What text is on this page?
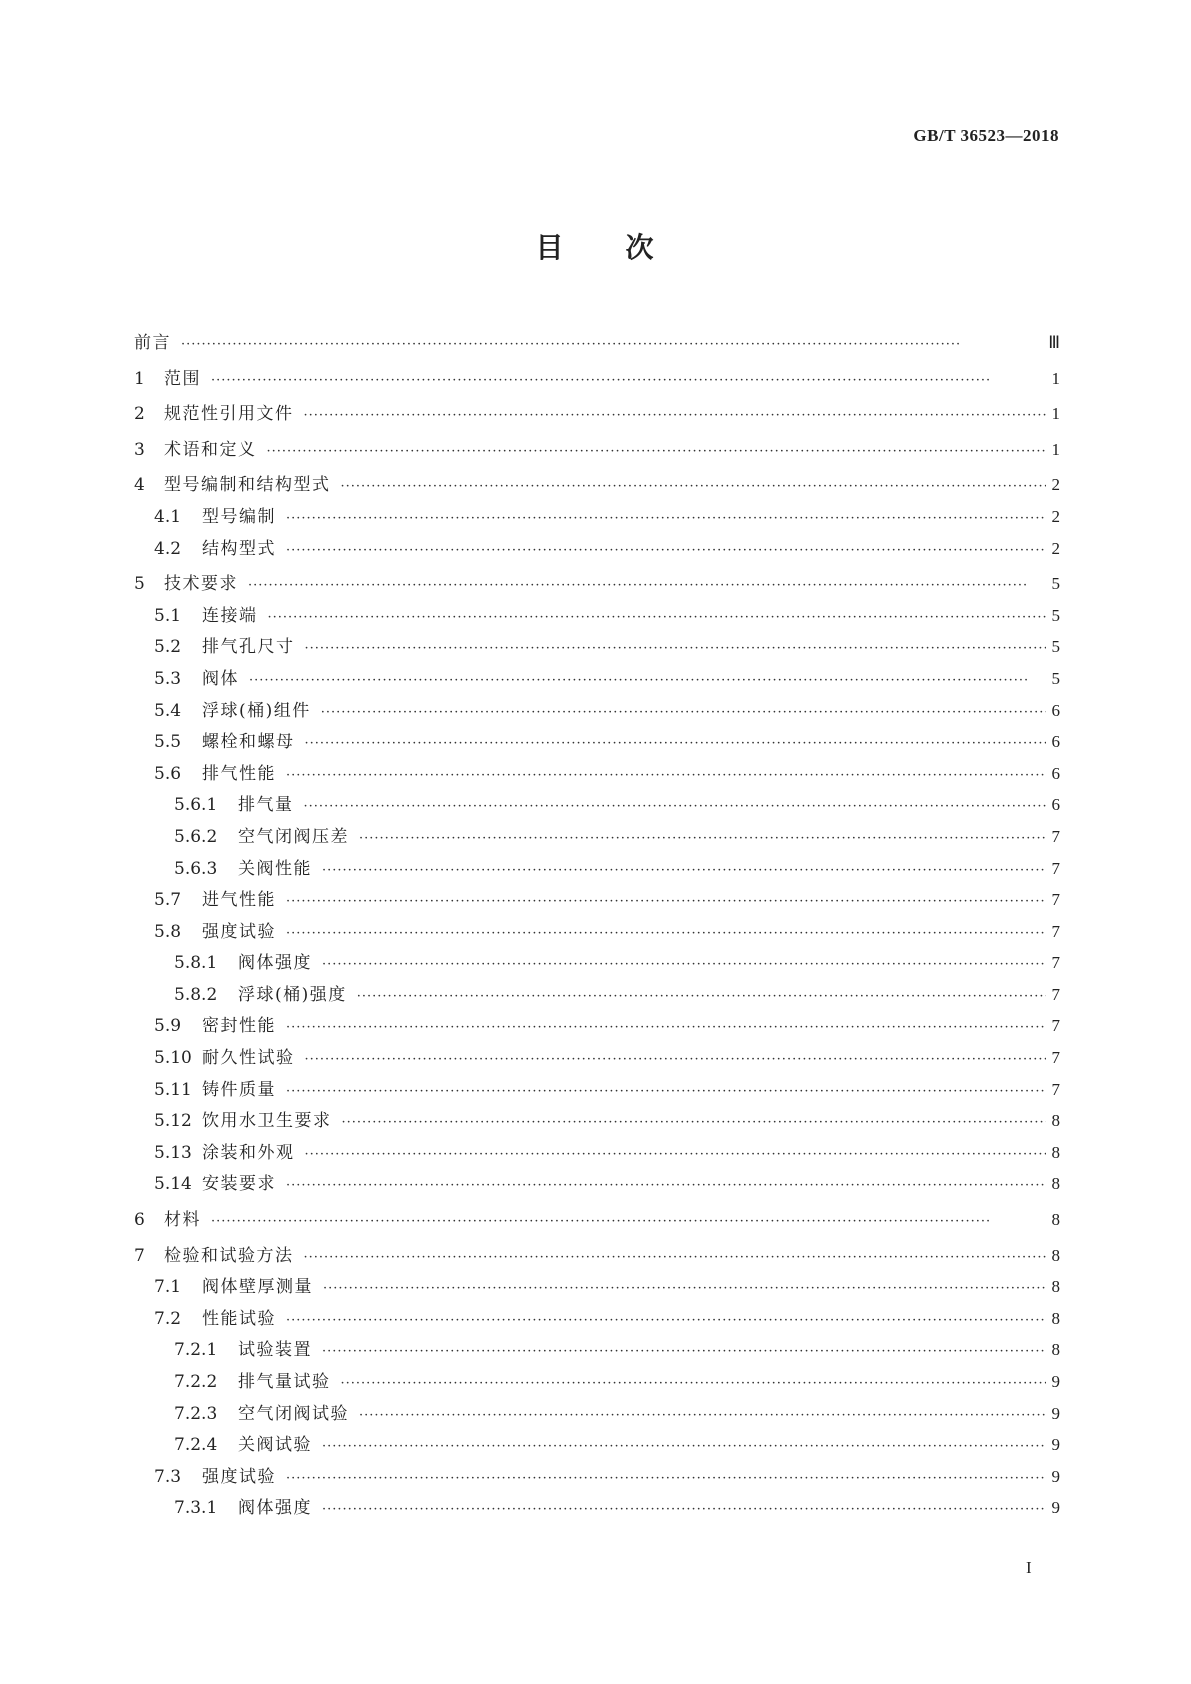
GB/T 36523—2018
目 次
前言 ·····	Ⅲ
1	范围 ·····	1
2	规范性引用文件 ·····	1
3	术语和定义 ·····	1
4	型号编制和结构型式 ·····	2
4.1	型号编制 ·····	2
4.2	结构型式 ·····	2
5	技术要求 ·····	5
5.1	连接端 ·····	5
5.2	排气孔尺寸 ·····	5
5.3	阀体 ·····	5
5.4	浮球(桶)组件 ·····	6
5.5	螺栓和螺母 ·····	6
5.6	排气性能 ·····	6
5.6.1	排气量 ·····	6
5.6.2	空气闭阀压差 ·····	7
5.6.3	关阀性能 ·····	7
5.7	进气性能 ·····	7
5.8	强度试验 ·····	7
5.8.1	阀体强度 ·····	7
5.8.2	浮球(桶)强度 ·····	7
5.9	密封性能 ·····	7
5.10 耐久性试验 ·····	7
5.11 铸件质量 ·····	7
5.12 饮用水卫生要求 ·····	8
5.13 涂装和外观 ·····	8
5.14 安装要求 ·····	8
6	材料 ·····	8
7	检验和试验方法 ·····	8
7.1	阀体壁厚测量 ·····	8
7.2	性能试验 ·····	8
7.2.1	试验装置 ·····	8
7.2.2	排气量试验 ·····	9
7.2.3	空气闭阀试验 ·····	9
7.2.4	关阀试验 ·····	9
7.3	强度试验 ·····	9
7.3.1	阀体强度 ·····	9
I
